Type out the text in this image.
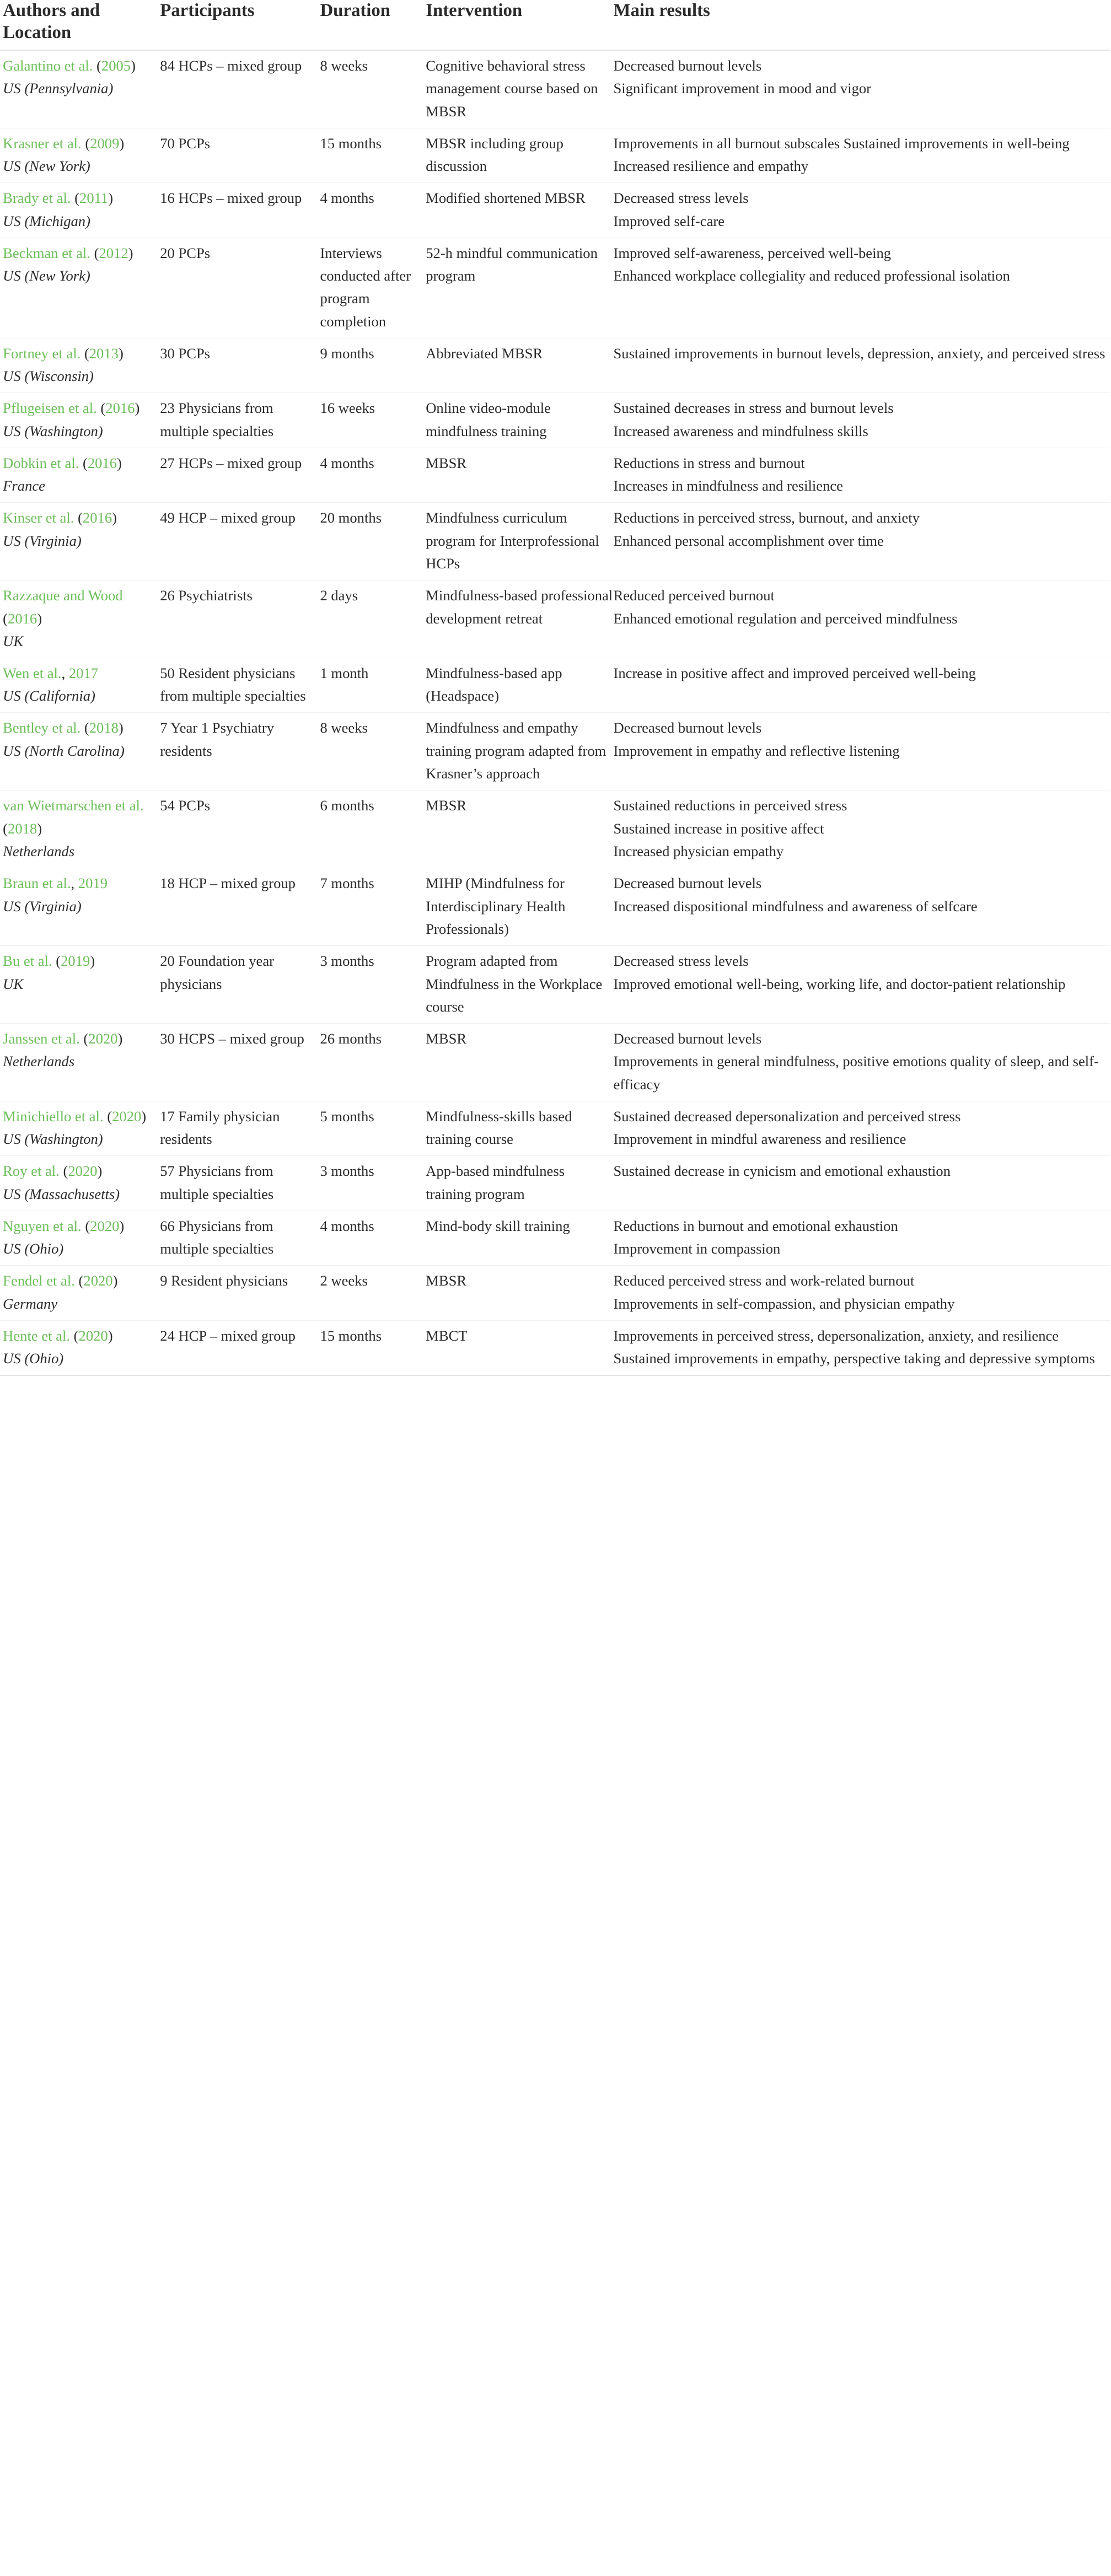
Authors and
Location	Participants	Duration	Intervention	Main results
Galantino et al. (2005)
US (Pennsylvania)	84 HCPs – mixed group	8 weeks	Cognitive behavioral stress management course based on MBSR	Decreased burnout levels
Significant improvement in mood and vigor

Krasner et al. (2009)
US (New York)	70 PCPs	15 months	MBSR including group discussion	Improvements in all burnout subscales Sustained improvements in well-being
Increased resilience and empathy

Brady et al. (2011)
US (Michigan)	16 HCPs – mixed group	4 months	Modified shortened MBSR	Decreased stress levels
Improved self-care

Beckman et al. (2012)
US (New York)	20 PCPs	Interviews conducted after program completion	52-h mindful communication program	Improved self-awareness, perceived well-being
Enhanced workplace collegiality and reduced professional isolation

Fortney et al. (2013)
US (Wisconsin)	30 PCPs	9 months	Abbreviated MBSR	Sustained improvements in burnout levels, depression, anxiety, and perceived stress

Pflugeisen et al. (2016)
US (Washington)	23 Physicians from multiple specialties	16 weeks	Online video-module mindfulness training	Sustained decreases in stress and burnout levels
Increased awareness and mindfulness skills

Dobkin et al. (2016)
France	27 HCPs – mixed group	4 months	MBSR	Reductions in stress and burnout
Increases in mindfulness and resilience

Kinser et al. (2016)
US (Virginia)	49 HCP – mixed group	20 months	Mindfulness curriculum program for Interprofessional HCPs	Reductions in perceived stress, burnout, and anxiety
Enhanced personal accomplishment over time

Razzaque and Wood (2016)
UK	26 Psychiatrists	2 days	Mindfulness-based professional development retreat	Reduced perceived burnout
Enhanced emotional regulation and perceived mindfulness

Wen et al., 2017
US (California)	50 Resident physicians from multiple specialties	1 month	Mindfulness-based app (Headspace)	Increase in positive affect and improved perceived well-being

Bentley et al. (2018)
US (North Carolina)	7 Year 1 Psychiatry residents	8 weeks	Mindfulness and empathy training program adapted from Krasner’s approach	Decreased burnout levels
Improvement in empathy and reflective listening

van Wietmarschen et al. (2018)
Netherlands	54 PCPs	6 months	MBSR	Sustained reductions in perceived stress
Sustained increase in positive affect
Increased physician empathy

Braun et al., 2019
US (Virginia)	18 HCP – mixed group	7 months	MIHP (Mindfulness for Interdisciplinary Health Professionals)	Decreased burnout levels
Increased dispositional mindfulness and awareness of selfcare

Bu et al. (2019)
UK	20 Foundation year physicians	3 months	Program adapted from Mindfulness in the Workplace course	Decreased stress levels
Improved emotional well-being, working life, and doctor-patient relationship

Janssen et al. (2020)
Netherlands	30 HCPS – mixed group	26 months	MBSR	Decreased burnout levels
Improvements in general mindfulness, positive emotions quality of sleep, and self-efficacy

Minichiello et al. (2020)
US (Washington)	17 Family physician residents	5 months	Mindfulness-skills based training course	Sustained decreased depersonalization and perceived stress
Improvement in mindful awareness and resilience

Roy et al. (2020)
US (Massachusetts)	57 Physicians from multiple specialties	3 months	App-based mindfulness training program	Sustained decrease in cynicism and emotional exhaustion

Nguyen et al. (2020)
US (Ohio)	66 Physicians from multiple specialties	4 months	Mind-body skill training	Reductions in burnout and emotional exhaustion
Improvement in compassion

Fendel et al. (2020)
Germany	9 Resident physicians	2 weeks	MBSR	Reduced perceived stress and work-related burnout
Improvements in self-compassion, and physician empathy

Hente et al. (2020)
US (Ohio)	24 HCP – mixed group	15 months	MBCT	Improvements in perceived stress, depersonalization, anxiety, and resilience
Sustained improvements in empathy, perspective taking and depressive symptoms
